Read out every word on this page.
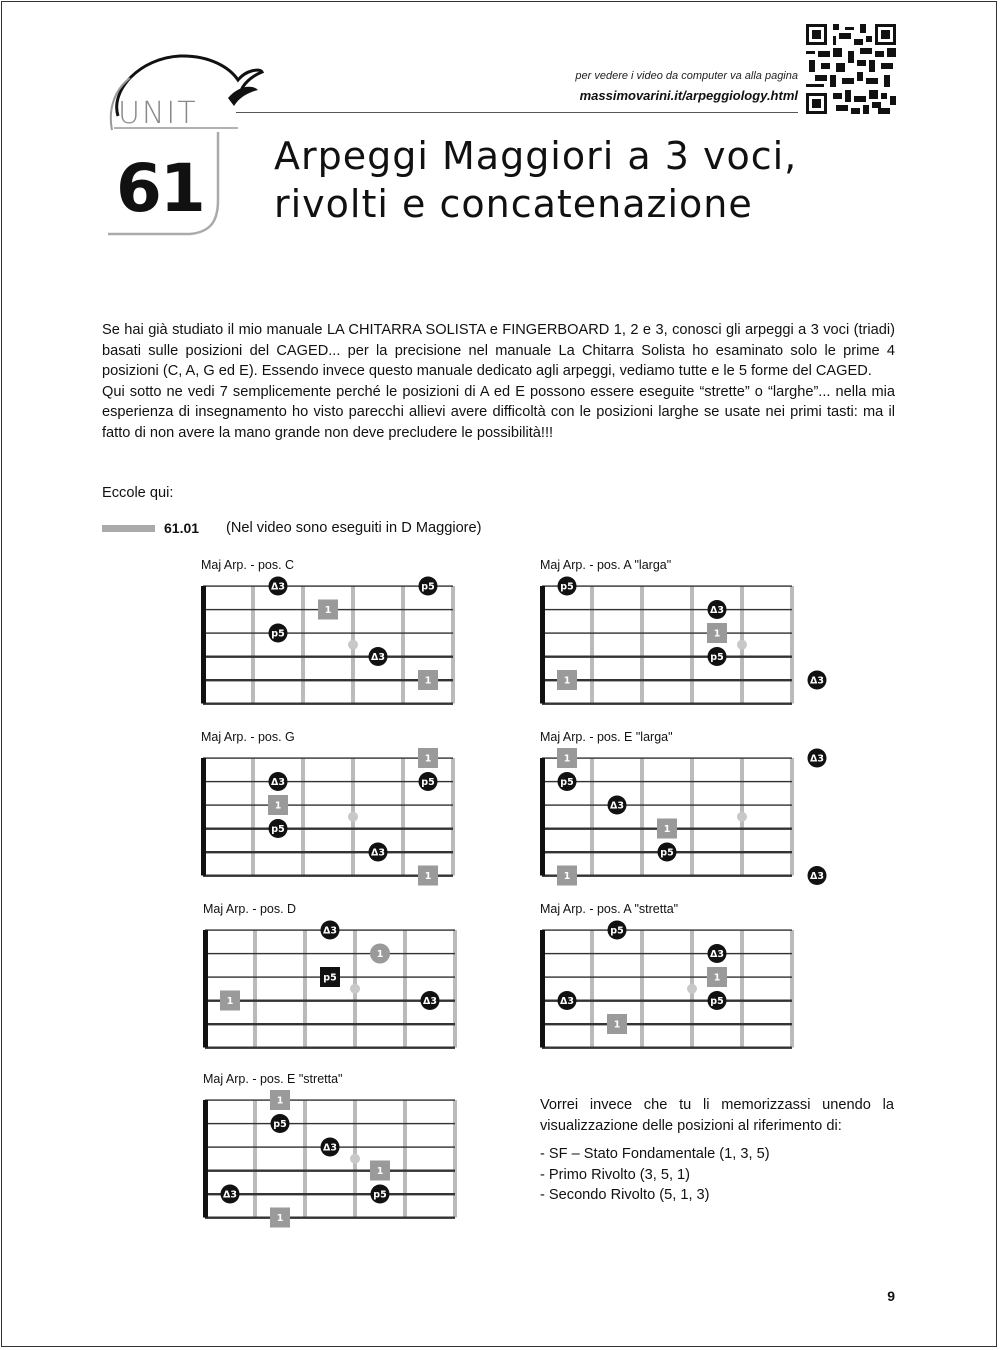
UNIT
61
per vedere i video da computer va alla pagina
massimovarini.it/arpeggiology.html
Arpeggi Maggiori a 3 voci,
rivolti e concatenazione

Se hai già studiato il mio manuale LA CHITARRA SOLISTA e FINGERBOARD 1, 2 e 3, conosci gli arpeggi a 3 voci (triadi) basati sulle posizioni del CAGED... per la precisione nel manuale La Chitarra Solista ho esaminato solo le prime 4 posizioni (C, A, G ed E). Essendo invece questo manuale dedicato agli arpeggi, vediamo tutte e le 5 forme del CAGED.

Qui sotto ne vedi 7 semplicemente perché le posizioni di A ed E possono essere eseguite “strette” o “larghe”... nella mia esperienza di insegnamento ho visto parecchi allievi avere difficoltà con le posizioni larghe se usate nei primi tasti: ma il fatto di non avere la mano grande non deve precludere le possibilità!!!

Eccole qui:
61.01 (Nel video sono eseguiti in D Maggiore)
Maj Arp. - pos. C
Δ3	p5
1
p5
Δ3
1
Maj Arp. - pos. A "larga"
p5
Δ3
1
p5
1	Δ3
Maj Arp. - pos. G
1
Δ3	p5
1
p5
Δ3
1
Maj Arp. - pos. E "larga"
1	Δ3
p5
Δ3
1
p5
1	Δ3
Maj Arp. - pos. D
Δ3
1
p5
1	Δ3
Maj Arp. - pos. A "stretta"
p5
Δ3
1
Δ3	p5
1
Maj Arp. - pos. E "stretta"
1
p5
Δ3
1
Δ3	p5
1
Vorrei invece che tu li memorizzassi unendo la visualizzazione delle posizioni al riferimento di:
- SF – Stato Fondamentale (1, 3, 5)
- Primo Rivolto (3, 5, 1)
- Secondo Rivolto (5, 1, 3)
9
